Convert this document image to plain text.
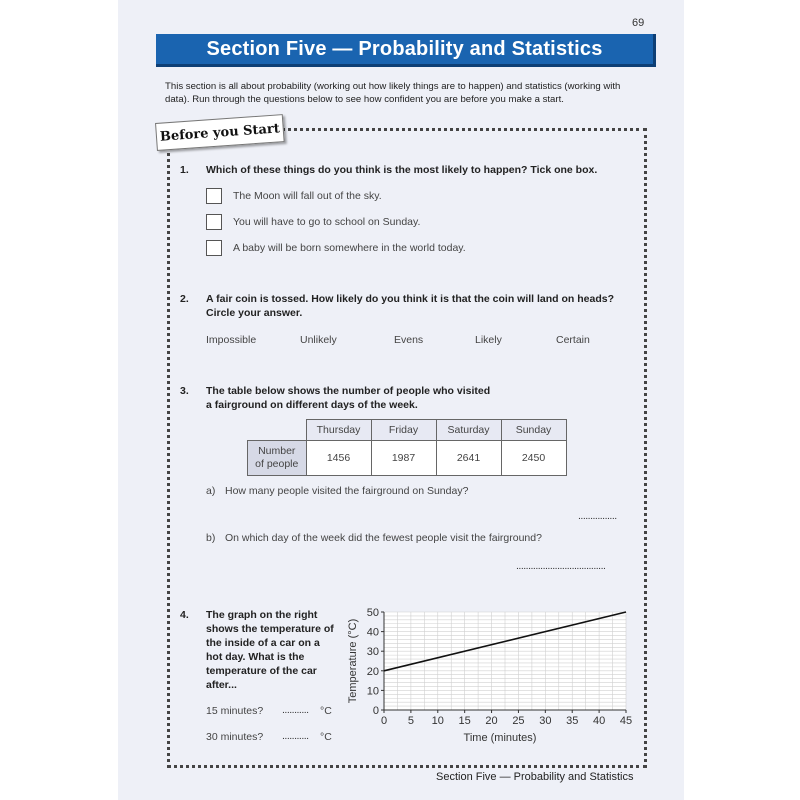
69
Section Five — Probability and Statistics
This section is all about probability (working out how likely things are to happen) and statistics (working with data). Run through the questions below to see how confident you are before you make a start.
Before you Start
1. Which of these things do you think is the most likely to happen? Tick one box.
The Moon will fall out of the sky.
You will have to go to school on Sunday.
A baby will be born somewhere in the world today.
2. A fair coin is tossed. How likely do you think it is that the coin will land on heads?
Circle your answer.
Impossible	Unlikely	Evens	Likely	Certain
3. The table below shows the number of people who visited
a fairground on different days of the week.
	Thursday	Friday	Saturday	Sunday
Number
of people	1456	1987	2641	2450
a) How many people visited the fairground on Sunday?
................
b) On which day of the week did the fewest people visit the fairground?
.....................................
4. The graph on the right shows the temperature of the inside of a car on a hot day. What is the temperature of the car after...
15 minutes? ........... °C
30 minutes? ........... °C
0 5 10 15 20 25 30 35 40 45
0
10
20
30
40
50
Time (minutes)
Temperature (°C)
Section Five — Probability and Statistics
